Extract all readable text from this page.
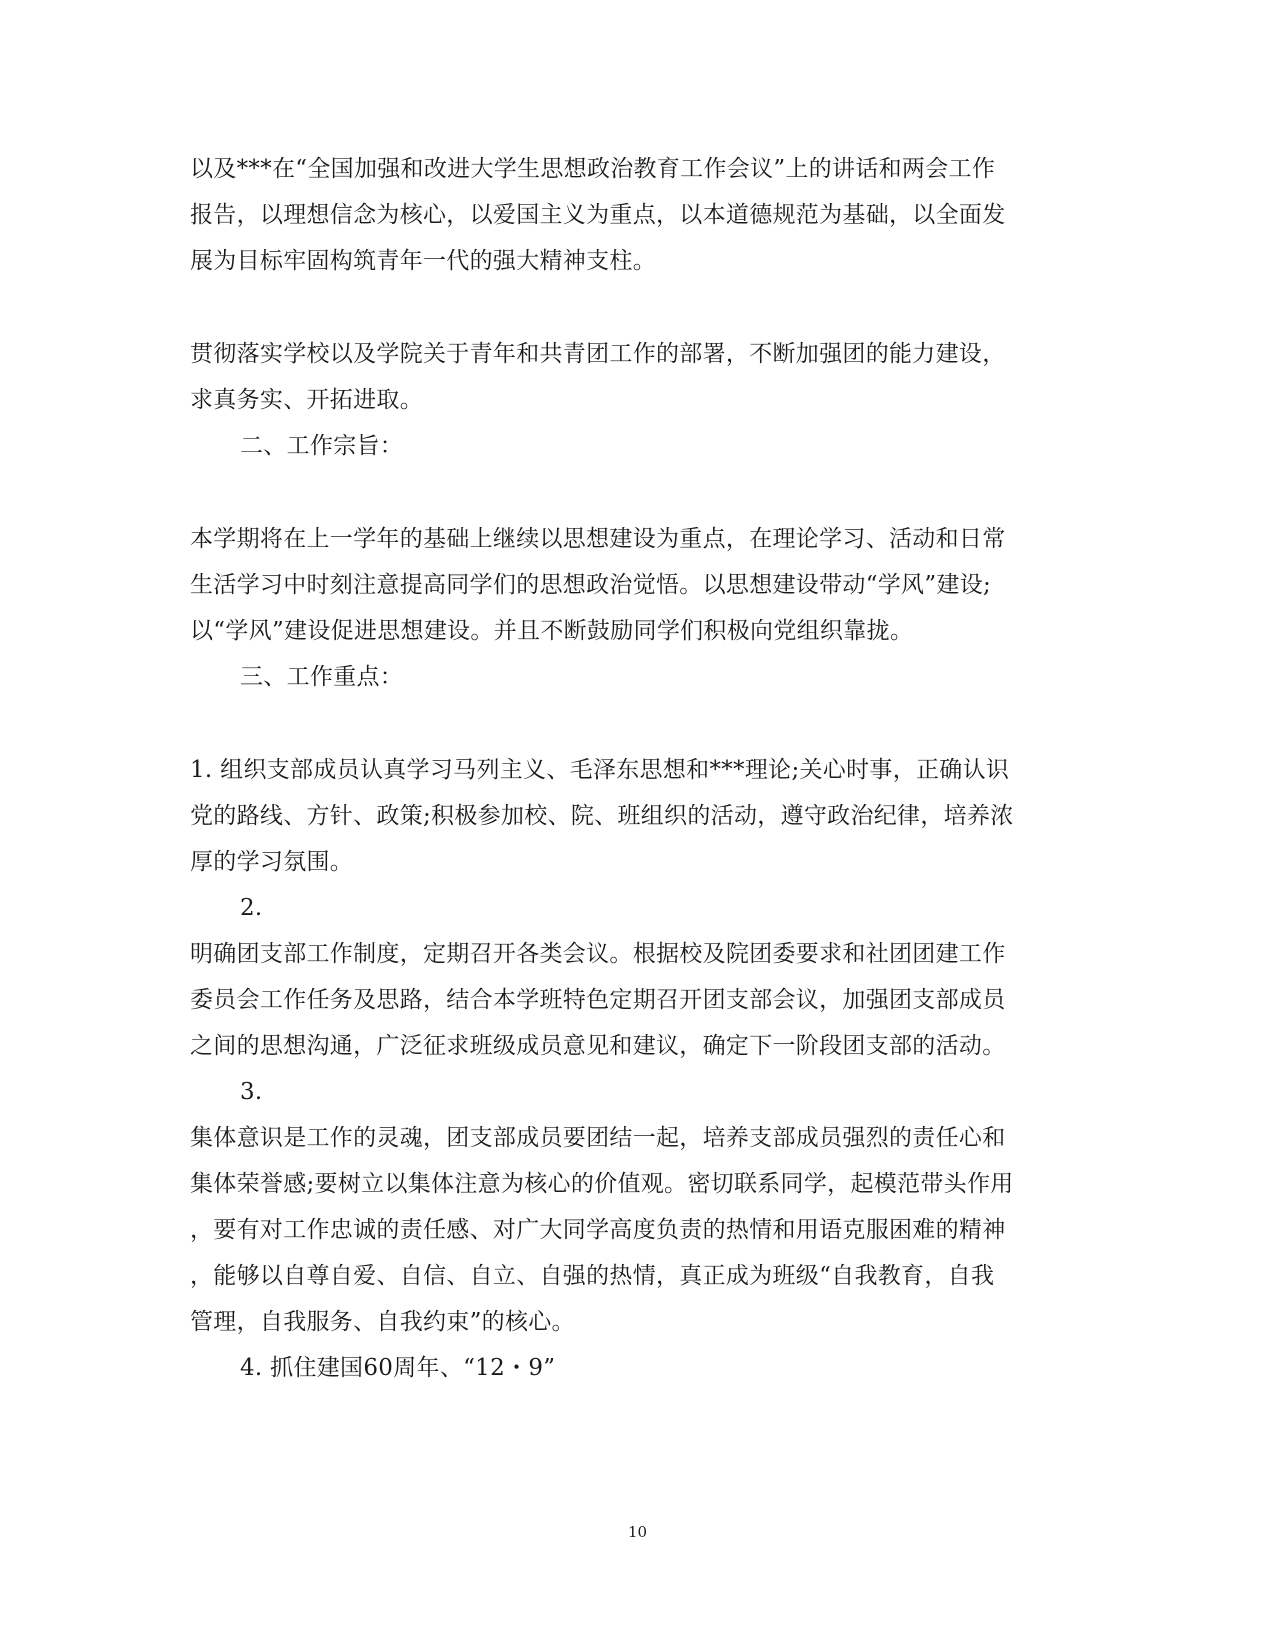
以及***在“全国加强和改进大学生思想政治教育工作会议”上的讲话和两会工作
报告，以理想信念为核心，以爱国主义为重点，以本道德规范为基础，以全面发
展为目标牢固构筑青年一代的强大精神支柱。
贯彻落实学校以及学院关于青年和共青团工作的部署，不断加强团的能力建设，
求真务实、开拓进取。
二、工作宗旨：
本学期将在上一学年的基础上继续以思想建设为重点，在理论学习、活动和日常
生活学习中时刻注意提高同学们的思想政治觉悟。以思想建设带动“学风”建设;
以“学风”建设促进思想建设。并且不断鼓励同学们积极向党组织靠拢。
三、工作重点：
1. 组织支部成员认真学习马列主义、毛泽东思想和***理论;关心时事，正确认识
党的路线、方针、政策;积极参加校、院、班组织的活动，遵守政治纪律，培养浓
厚的学习氛围。
2.
明确团支部工作制度，定期召开各类会议。根据校及院团委要求和社团团建工作
委员会工作任务及思路，结合本学班特色定期召开团支部会议，加强团支部成员
之间的思想沟通，广泛征求班级成员意见和建议，确定下一阶段团支部的活动。
3.
集体意识是工作的灵魂，团支部成员要团结一起，培养支部成员强烈的责任心和
集体荣誉感;要树立以集体注意为核心的价值观。密切联系同学，起模范带头作用
，要有对工作忠诚的责任感、对广大同学高度负责的热情和用语克服困难的精神
，能够以自尊自爱、自信、自立、自强的热情，真正成为班级“自我教育，自我
管理，自我服务、自我约束”的核心。
4. 抓住建国60周年、“12・9”
10
